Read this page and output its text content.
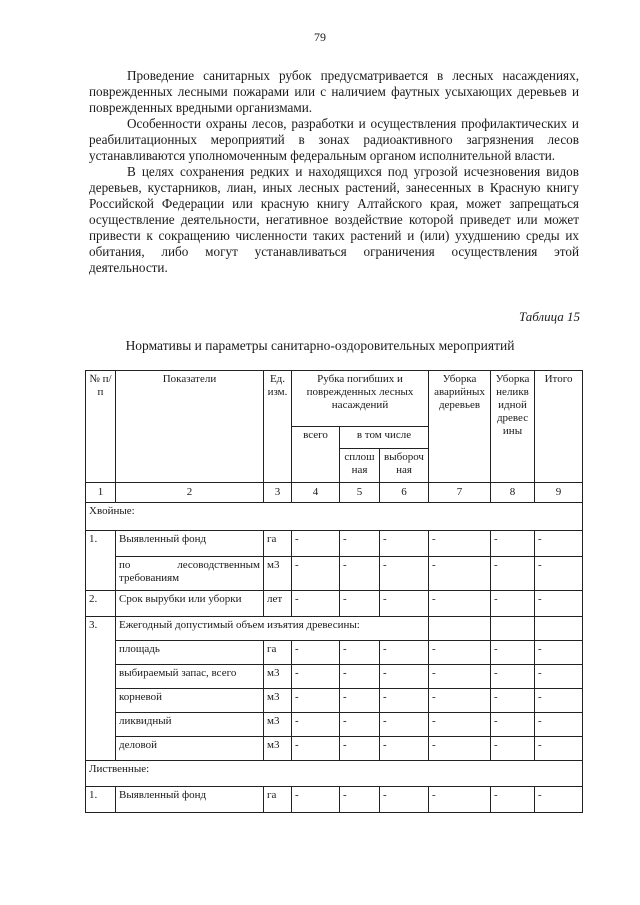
79

Проведение санитарных рубок предусматривается в лесных насаждениях, поврежденных лесными пожарами или с наличием фаутных усыхающих деревьев и поврежденных вредными организмами.

Особенности охраны лесов, разработки и осуществления профилактических и реабилитационных мероприятий в зонах радиоактивного загрязнения лесов устанавливаются уполномоченным федеральным органом исполнительной власти.

В целях сохранения редких и находящихся под угрозой исчезновения видов деревьев, кустарников, лиан, иных лесных растений, занесенных в Красную книгу Российской Федерации или красную книгу Алтайского края, может запрещаться осуществление деятельности, негативное воздействие которой приведет или может привести к сокращению численности таких растений и (или) ухудшению среды их обитания, либо могут устанавливаться ограничения осуществления этой деятельности.

Таблица 15
Нормативы и параметры санитарно-оздоровительных мероприятий
№ п/п	Показатели	Ед. изм.	Рубка погибших и поврежденных лесных насаждений			Уборка аварийных деревьев	Уборка неликв идной древес ины	Итого
			всего	в том числе				
				сплош ная	выбороч ная			
1	2	3	4	5	6	7	8	9
Хвойные:								
1.	Выявленный фонд	га	-	-	-	-	-	-
	по лесоводственным требованиям	м3	-	-	-	-	-	-
2.	Срок вырубки или уборки	лет	-	-	-	-	-	-
3.	Ежегодный допустимый объем изъятия древесины:							
	площадь	га	-	-	-	-	-	-
	выбираемый запас, всего	м3	-	-	-	-	-	-
	корневой	м3	-	-	-	-	-	-
	ликвидный	м3	-	-	-	-	-	-
	деловой	м3	-	-	-	-	-	-
Лиственные:								
1.	Выявленный фонд	га	-	-	-	-	-	-
